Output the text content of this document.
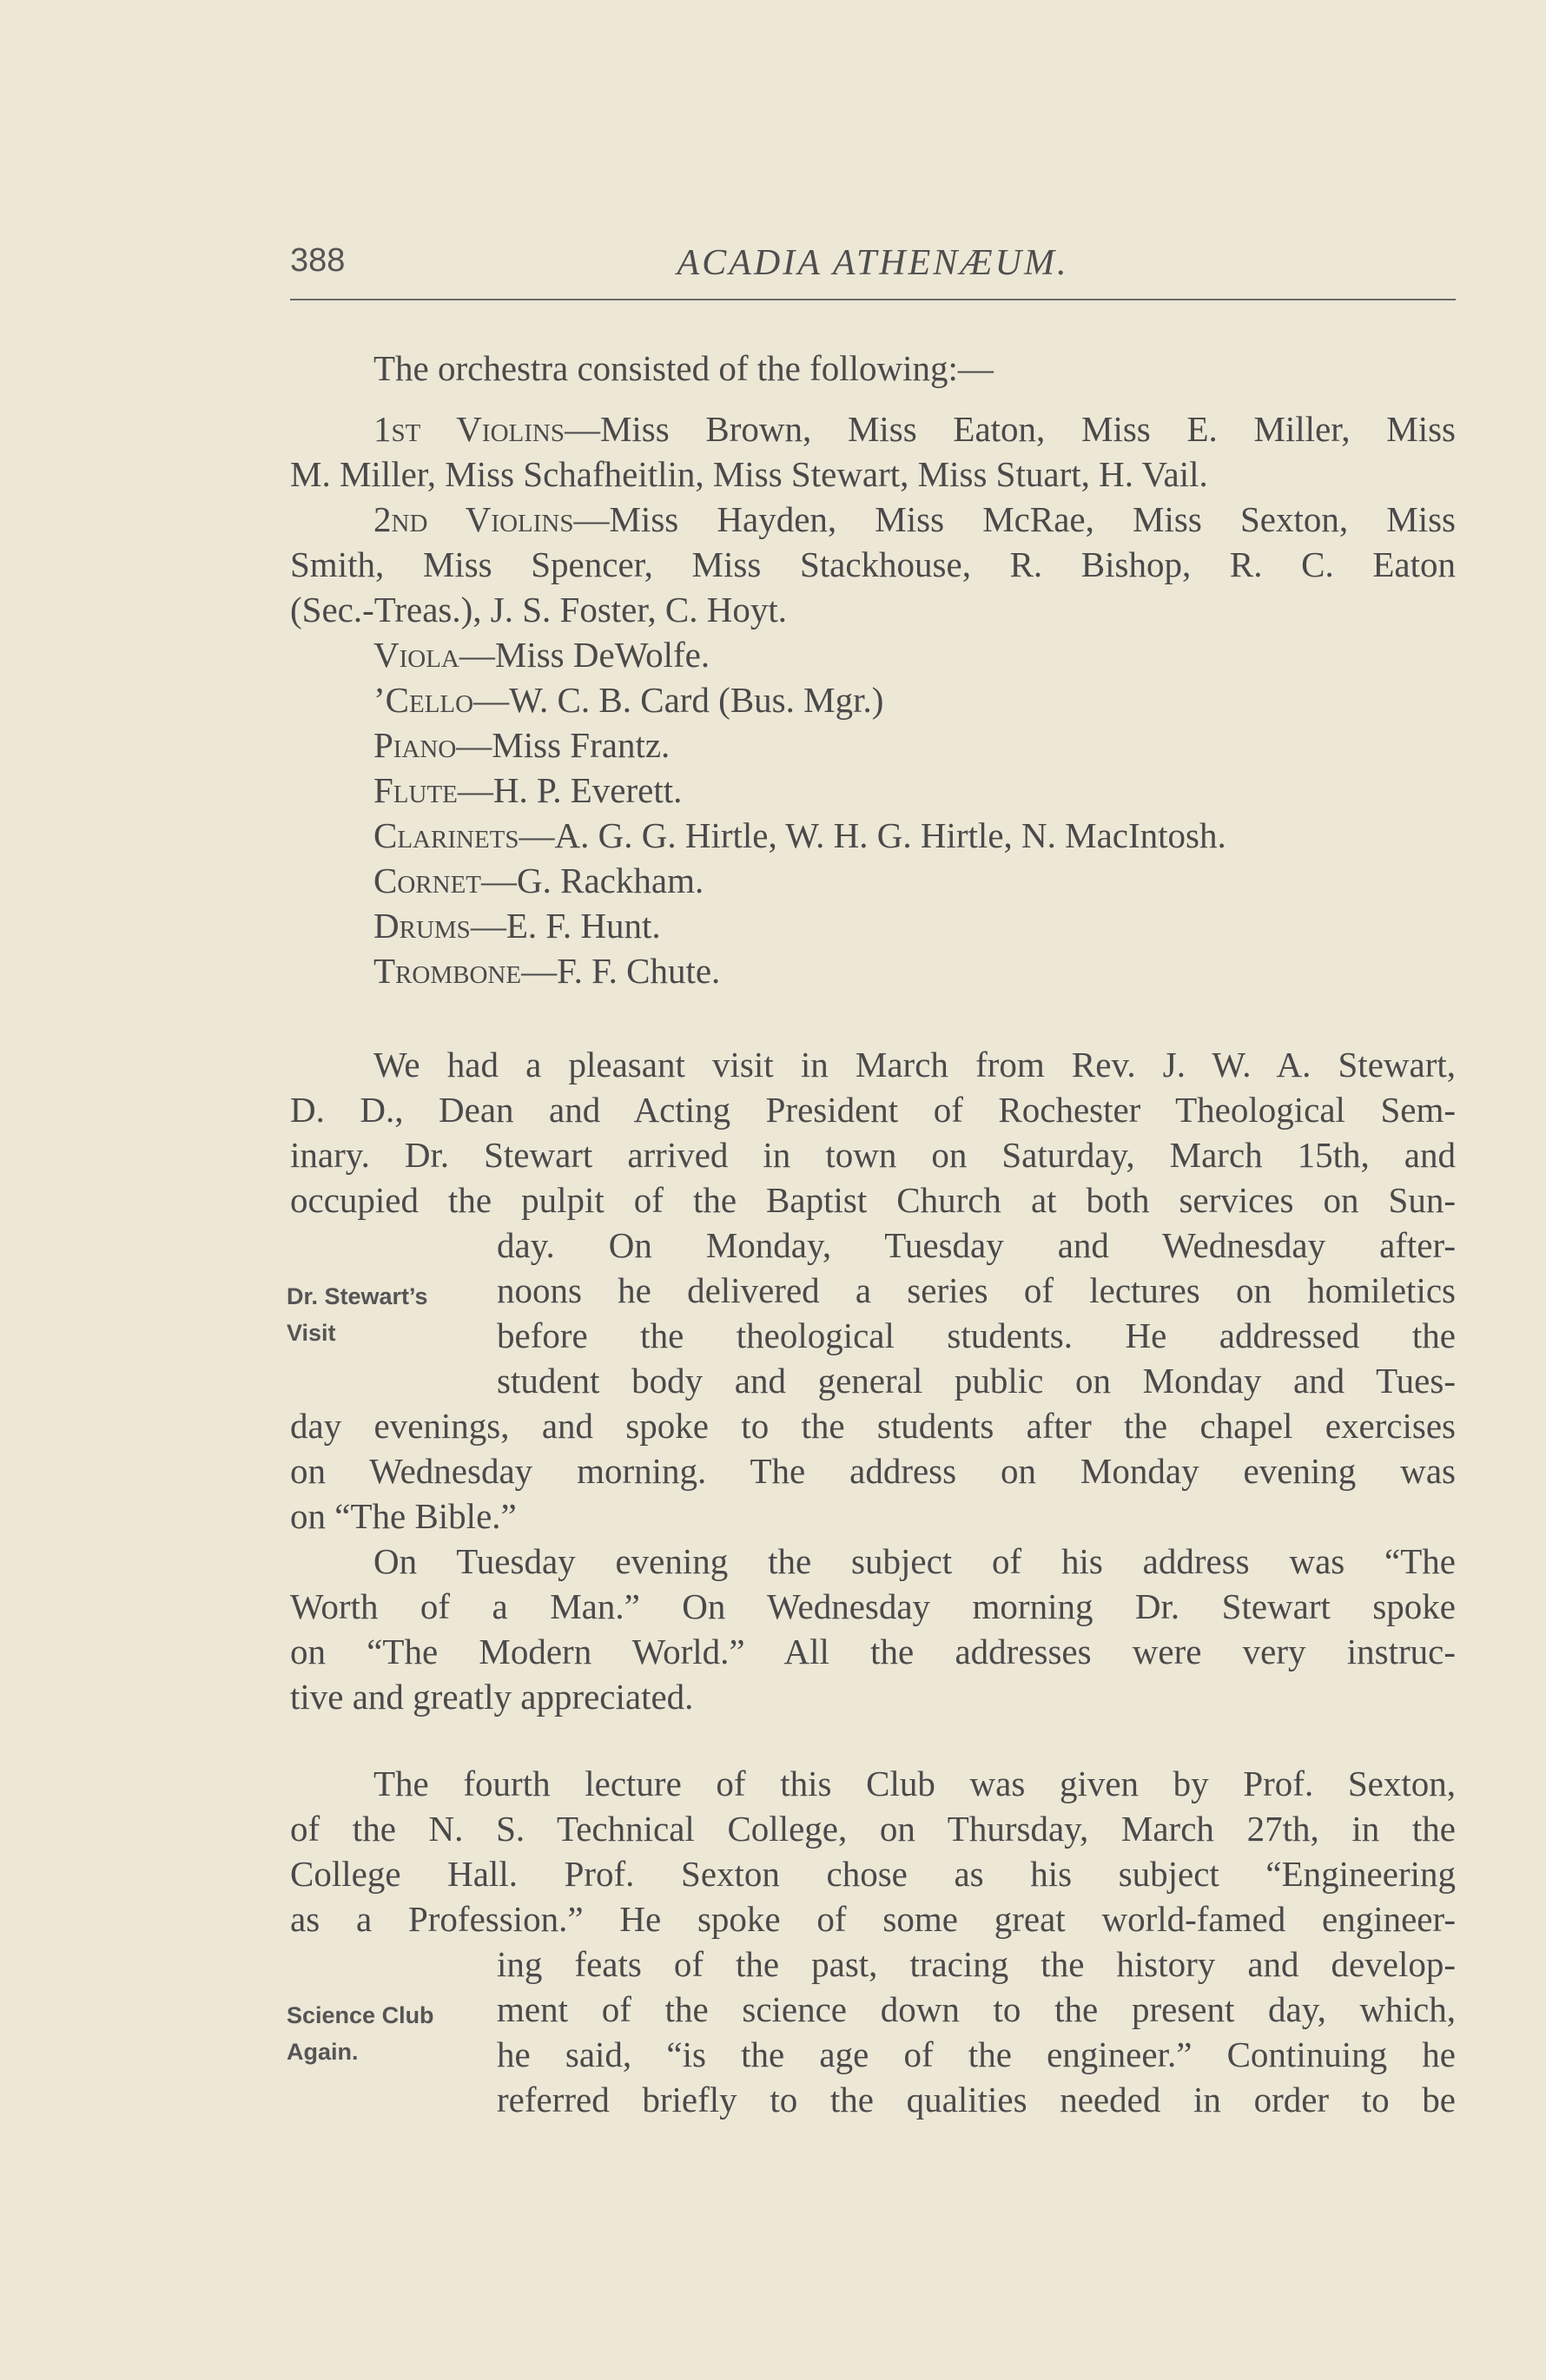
388	ACADIA ATHENÆUM.
The orchestra consisted of the following:—
1st Violins—Miss Brown, Miss Eaton, Miss E. Miller, Miss
M. Miller, Miss Schafheitlin, Miss Stewart, Miss Stuart, H. Vail.
2nd Violins—Miss Hayden, Miss McRae, Miss Sexton, Miss
Smith, Miss Spencer, Miss Stackhouse, R. Bishop, R. C. Eaton
(Sec.-Treas.), J. S. Foster, C. Hoyt.
Viola—Miss DeWolfe.
’Cello—W. C. B. Card (Bus. Mgr.)
Piano—Miss Frantz.
Flute—H. P. Everett.
Clarinets—A. G. G. Hirtle, W. H. G. Hirtle, N. MacIntosh.
Cornet—G. Rackham.
Drums—E. F. Hunt.
Trombone—F. F. Chute.
Dr. Stewart’s
Visit
We had a pleasant visit in March from Rev. J. W. A. Stewart,
D. D., Dean and Acting President of Rochester Theological Sem-
inary. Dr. Stewart arrived in town on Saturday, March 15th, and
occupied the pulpit of the Baptist Church at both services on Sun-
day. On Monday, Tuesday and Wednesday after-
noons he delivered a series of lectures on homiletics
before the theological students. He addressed the
student body and general public on Monday and Tues-
day evenings, and spoke to the students after the chapel exercises
on Wednesday morning. The address on Monday evening was
on “The Bible.”
On Tuesday evening the subject of his address was “The
Worth of a Man.” On Wednesday morning Dr. Stewart spoke
on “The Modern World.” All the addresses were very instruc-
tive and greatly appreciated.
Science Club
Again.
The fourth lecture of this Club was given by Prof. Sexton,
of the N. S. Technical College, on Thursday, March 27th, in the
College Hall. Prof. Sexton chose as his subject “Engineering
as a Profession.” He spoke of some great world-famed engineer-
ing feats of the past, tracing the history and develop-
ment of the science down to the present day, which,
he said, “is the age of the engineer.” Continuing he
referred briefly to the qualities needed in order to be
